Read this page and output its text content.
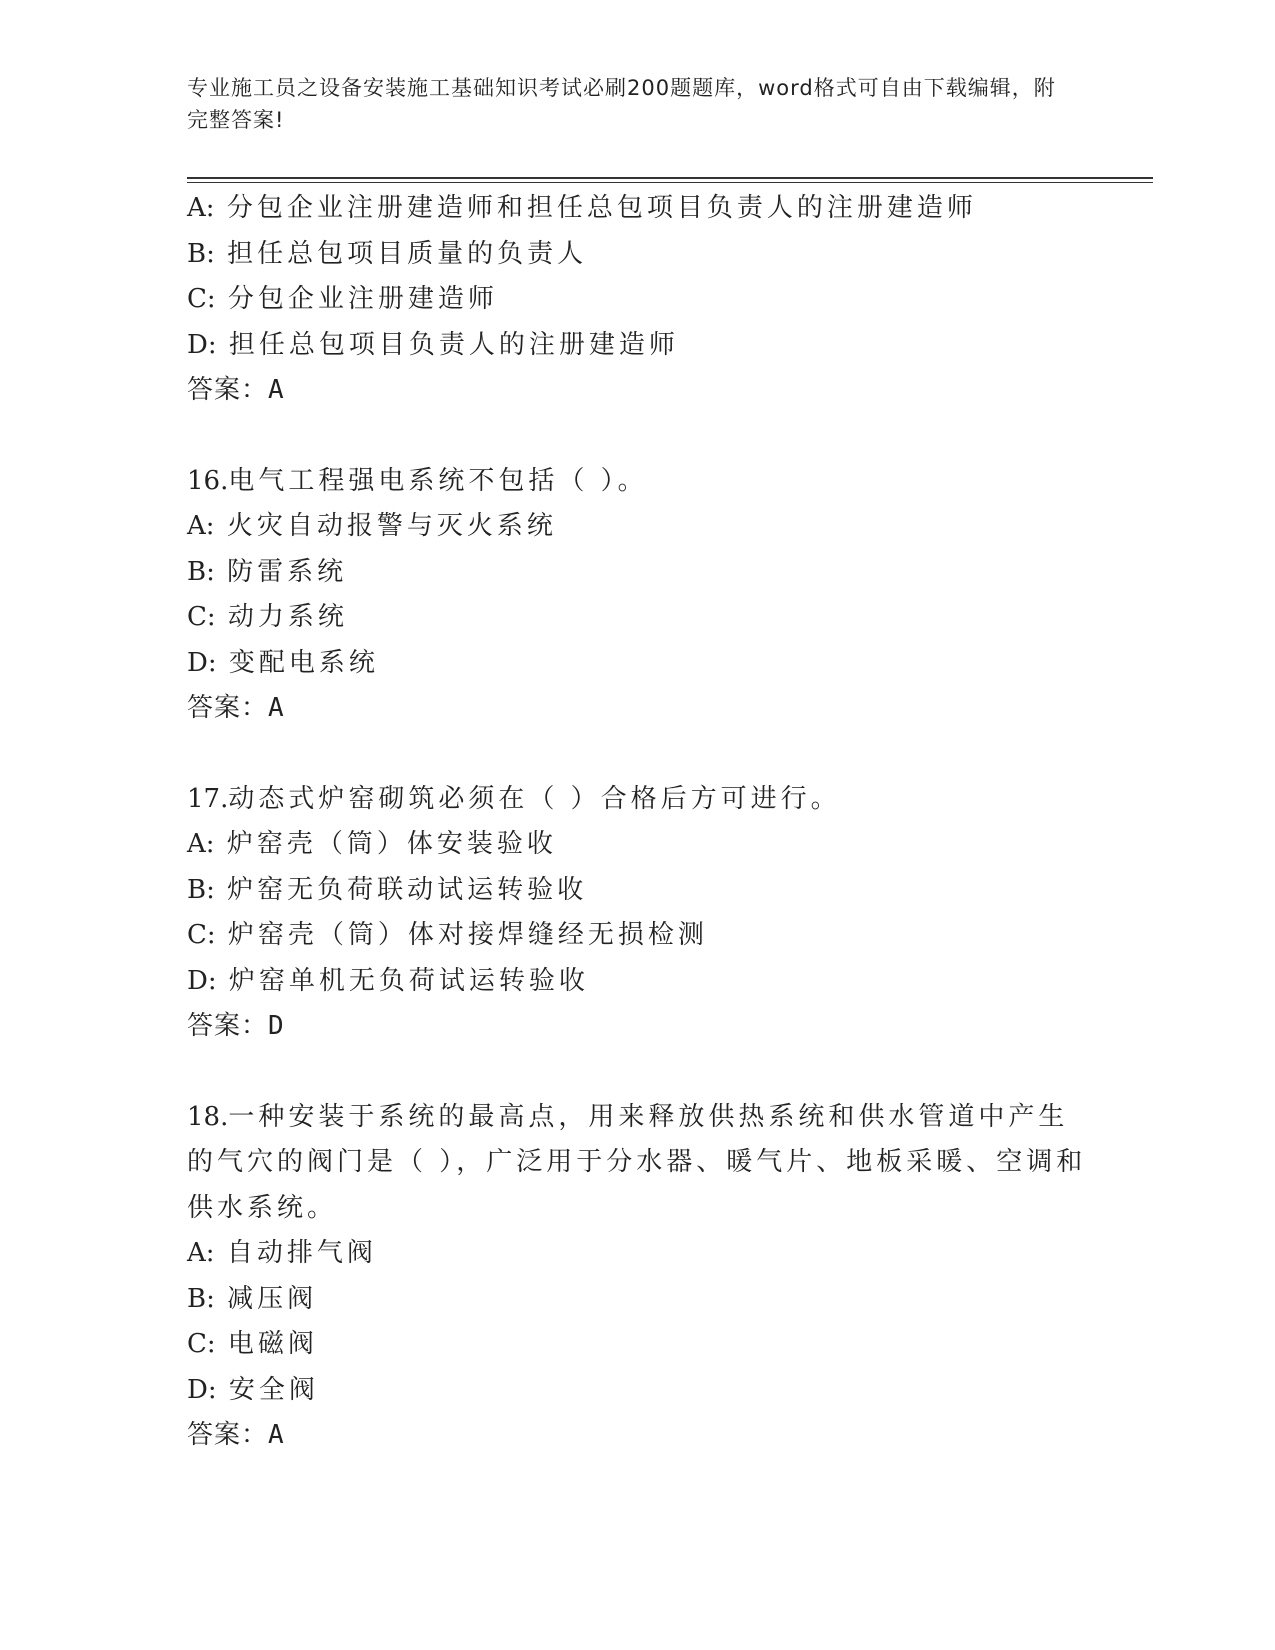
专业施工员之设备安装施工基础知识考试必刷200题题库，word格式可自由下载编辑，附完整答案!
A: 分包企业注册建造师和担任总包项目负责人的注册建造师
B: 担任总包项目质量的负责人
C: 分包企业注册建造师
D: 担任总包项目负责人的注册建造师
答案：A
16.电气工程强电系统不包括（ ）。
A: 火灾自动报警与灭火系统
B: 防雷系统
C: 动力系统
D: 变配电系统
答案：A
17.动态式炉窑砌筑必须在（ ）合格后方可进行。
A: 炉窑壳（筒）体安装验收
B: 炉窑无负荷联动试运转验收
C: 炉窑壳（筒）体对接焊缝经无损检测
D: 炉窑单机无负荷试运转验收
答案：D
18.一种安装于系统的最高点，用来释放供热系统和供水管道中产生的气穴的阀门是（ ），广泛用于分水器、暖气片、地板采暖、空调和供水系统。
A: 自动排气阀
B: 减压阀
C: 电磁阀
D: 安全阀
答案：A
